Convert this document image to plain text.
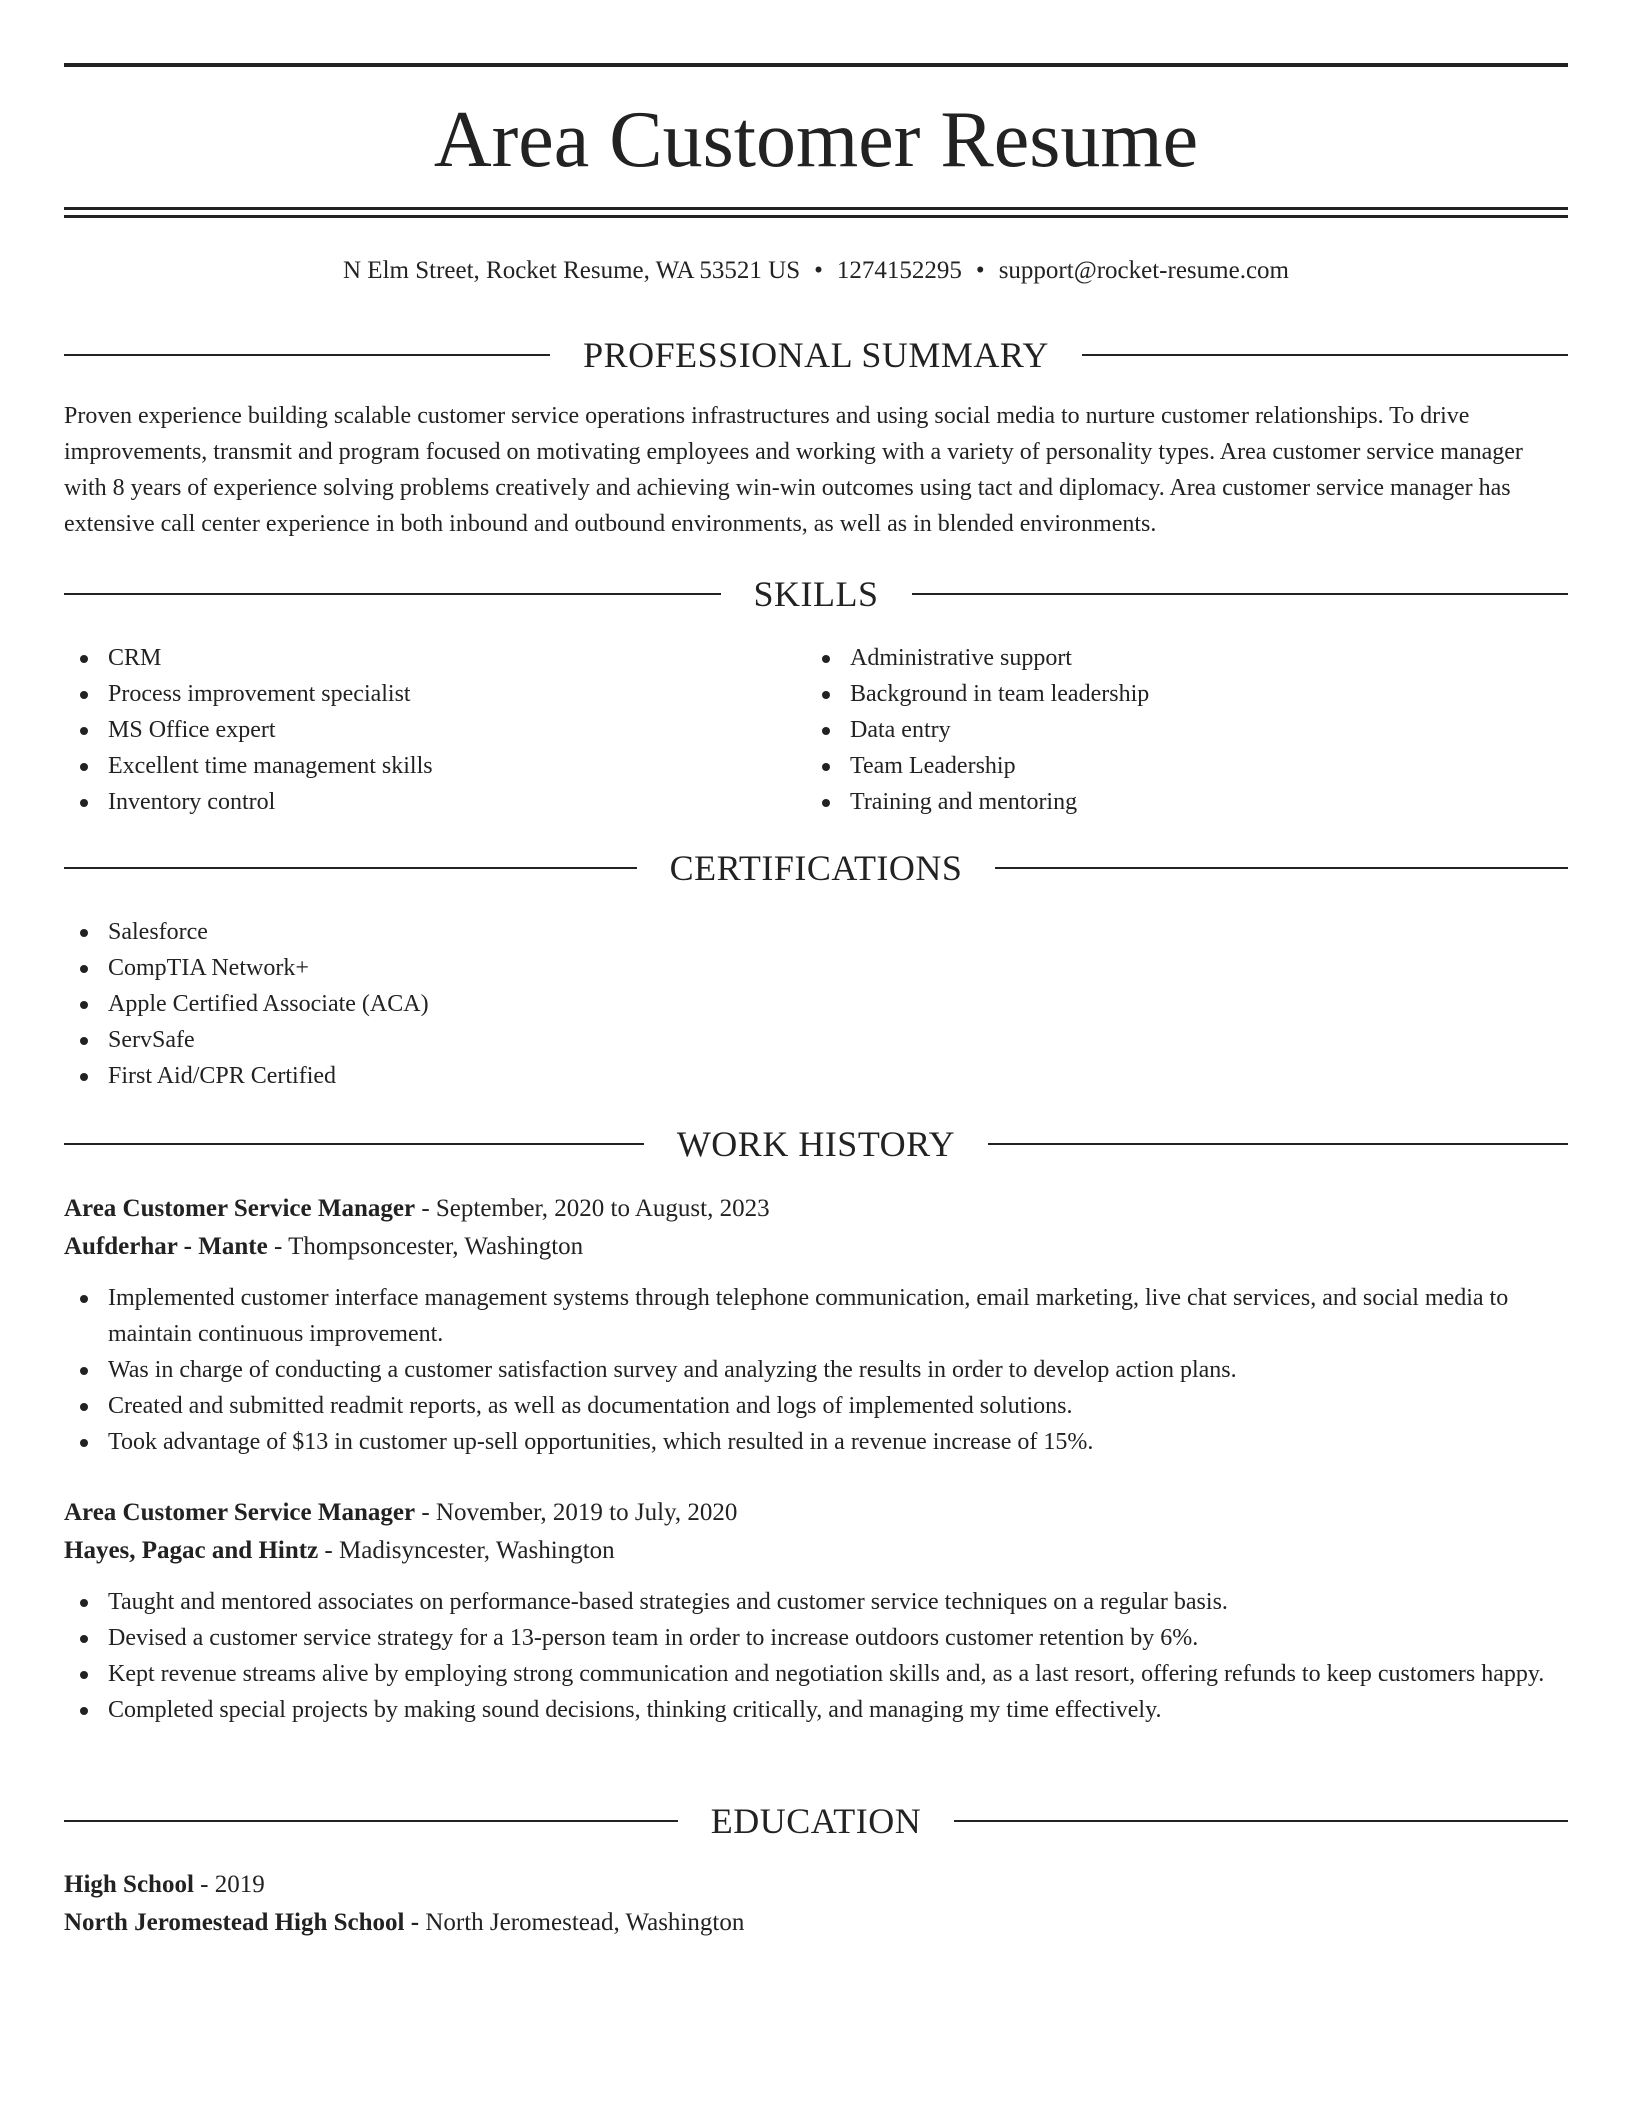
Area Customer Resume
N Elm Street, Rocket Resume, WA 53521 US • 1274152295 • support@rocket-resume.com
PROFESSIONAL SUMMARY

Proven experience building scalable customer service operations infrastructures and using social media to nurture customer relationships. To drive improvements, transmit and program focused on motivating employees and working with a variety of personality types. Area customer service manager with 8 years of experience solving problems creatively and achieving win-win outcomes using tact and diplomacy. Area customer service manager has extensive call center experience in both inbound and outbound environments, as well as in blended environments.

SKILLS
CRM
Process improvement specialist
MS Office expert
Excellent time management skills
Inventory control
Administrative support
Background in team leadership
Data entry
Team Leadership
Training and mentoring
CERTIFICATIONS
Salesforce
CompTIA Network+
Apple Certified Associate (ACA)
ServSafe
First Aid/CPR Certified
WORK HISTORY
Area Customer Service Manager - September, 2020 to August, 2023
Aufderhar - Mante - Thompsoncester, Washington
Implemented customer interface management systems through telephone communication, email marketing, live chat services, and social media to maintain continuous improvement.
Was in charge of conducting a customer satisfaction survey and analyzing the results in order to develop action plans.
Created and submitted readmit reports, as well as documentation and logs of implemented solutions.
Took advantage of $13 in customer up-sell opportunities, which resulted in a revenue increase of 15%.
Area Customer Service Manager - November, 2019 to July, 2020
Hayes, Pagac and Hintz - Madisyncester, Washington
Taught and mentored associates on performance-based strategies and customer service techniques on a regular basis.
Devised a customer service strategy for a 13-person team in order to increase outdoors customer retention by 6%.
Kept revenue streams alive by employing strong communication and negotiation skills and, as a last resort, offering refunds to keep customers happy.
Completed special projects by making sound decisions, thinking critically, and managing my time effectively.
EDUCATION
High School - 2019
North Jeromestead High School - North Jeromestead, Washington
